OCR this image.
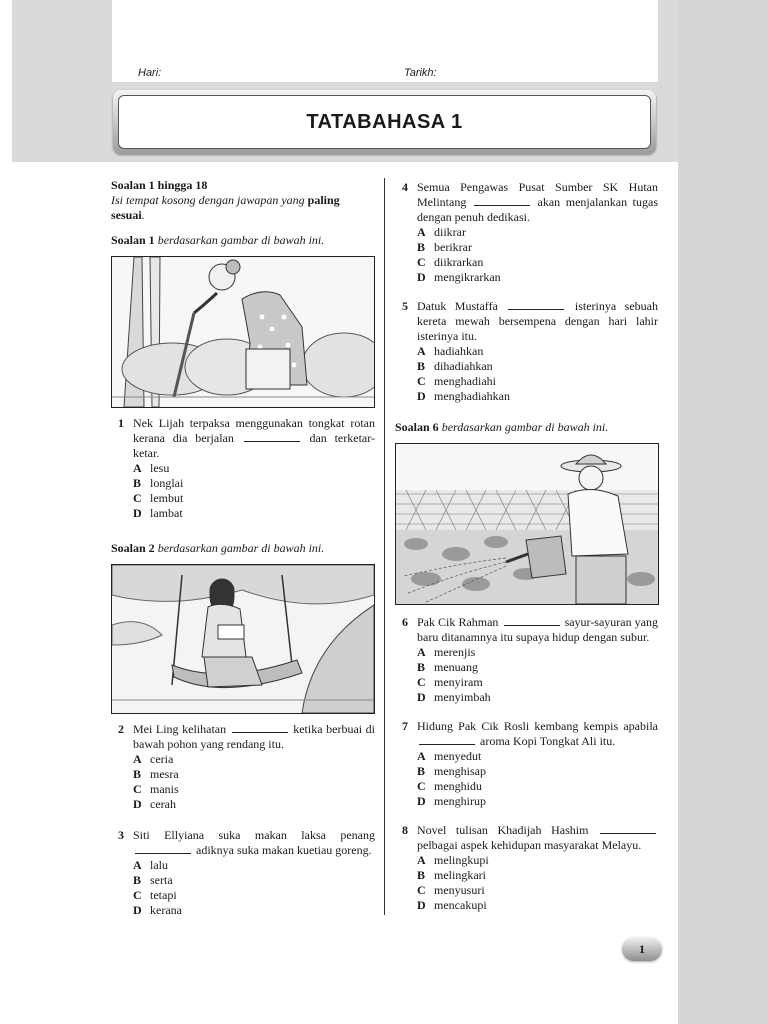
Hari:	Tarikh:
TATABAHASA 1
Soalan 1 hingga 18
Isi tempat kosong dengan jawapan yang paling sesuai.
Soalan 1 berdasarkan gambar di bawah ini.
1 Nek Lijah terpaksa menggunakan tongkat rotan kerana dia berjalan	dan terketar-ketar.
A lesu
B longlai
C lembut
D lambat
Soalan 2 berdasarkan gambar di bawah ini.
2 Mei Ling kelihatan	ketika berbuai di bawah pohon yang rendang itu.
A ceria
B mesra
C manis
D cerah
3 Siti Ellyiana suka makan laksa penang  adiknya suka makan kuetiau goreng.
A lalu
B serta
C tetapi
D kerana
4 Semua Pengawas Pusat Sumber SK Hutan Melintang	akan menjalankan tugas dengan penuh dedikasi.
A diikrar
B berikrar
C diikrarkan
D mengikrarkan
5 Datuk Mustaffa	isterinya sebuah kereta mewah bersempena dengan hari lahir isterinya itu.
A hadiahkan
B dihadiahkan
C menghadiahi
D menghadiahkan
Soalan 6 berdasarkan gambar di bawah ini.
6 Pak Cik Rahman	sayur-sayuran yang baru ditanamnya itu supaya hidup dengan subur.
A merenjis
B menuang
C menyiram
D menyimbah
7 Hidung Pak Cik Rosli kembang kempis apabila  aroma Kopi Tongkat Ali itu.
A menyedut
B menghisap
C menghidu
D menghirup
8 Novel tulisan Khadijah Hashim  pelbagai aspek kehidupan masyarakat Melayu.
A melingkupi
B melingkari
C menyusuri
D mencakupi
1
